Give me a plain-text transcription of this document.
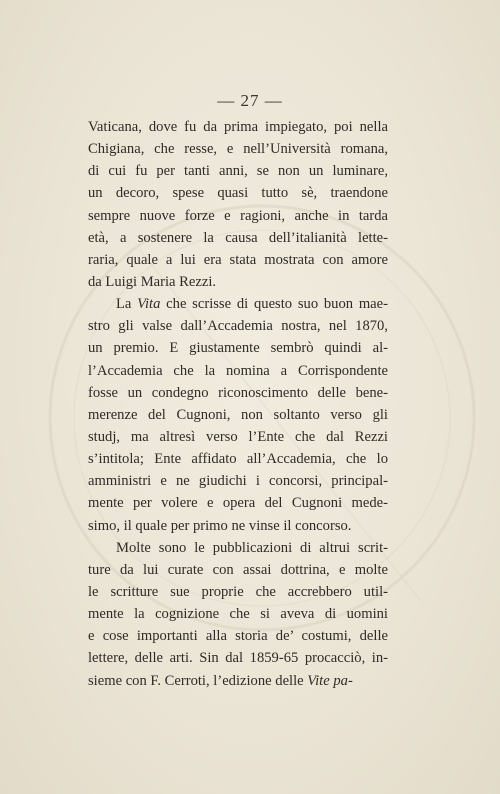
— 27 —
Vaticana, dove fu da prima impiegato, poi nella
Chigiana, che resse, e nell’Università romana,
di cui fu per tanti anni, se non un luminare,
un decoro, spese quasi tutto sè, traendone
sempre nuove forze e ragioni, anche in tarda
età, a sostenere la causa dell’italianità lette-
raria, quale a lui era stata mostrata con amore
da Luigi Maria Rezzi.
La Vita che scrisse di questo suo buon mae-
stro gli valse dall’Accademia nostra, nel 1870,
un premio. E giustamente sembrò quindi al-
l’Accademia che la nomina a Corrispondente
fosse un condegno riconoscimento delle bene-
merenze del Cugnoni, non soltanto verso gli
studj, ma altresì verso l’Ente che dal Rezzi
s’intitola; Ente affidato all’Accademia, che lo
amministri e ne giudichi i concorsi, principal-
mente per volere e opera del Cugnoni mede-
simo, il quale per primo ne vinse il concorso.
Molte sono le pubblicazioni di altrui scrit-
ture da lui curate con assai dottrina, e molte
le scritture sue proprie che accrebbero util-
mente la cognizione che si aveva di uomini
e cose importanti alla storia de’ costumi, delle
lettere, delle arti. Sin dal 1859-65 procacciò, in-
sieme con F. Cerroti, l’edizione delle Vite pa-
